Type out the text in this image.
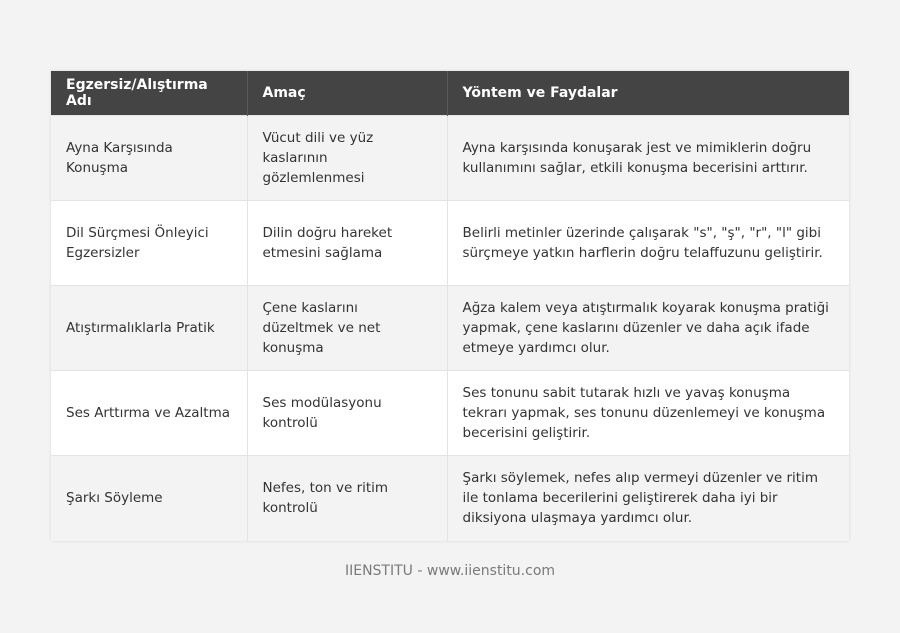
Egzersiz/Alıştırma Adı	Amaç	Yöntem ve Faydalar
Ayna Karşısında Konuşma	Vücut dili ve yüz kaslarının gözlemlenmesi	Ayna karşısında konuşarak jest ve mimiklerin doğru kullanımını sağlar, etkili konuşma becerisini arttırır.
Dil Sürçmesi Önleyici Egzersizler	Dilin doğru hareket etmesini sağlama	Belirli metinler üzerinde çalışarak "s", "ş", "r", "l" gibi sürçmeye yatkın harflerin doğru telaffuzunu geliştirir.
Atıştırmalıklarla Pratik	Çene kaslarını düzeltmek ve net konuşma	Ağza kalem veya atıştırmalık koyarak konuşma pratiği yapmak, çene kaslarını düzenler ve daha açık ifade etmeye yardımcı olur.
Ses Arttırma ve Azaltma	Ses modülasyonu kontrolü	Ses tonunu sabit tutarak hızlı ve yavaş konuşma tekrarı yapmak, ses tonunu düzenlemeyi ve konuşma becerisini geliştirir.
Şarkı Söyleme	Nefes, ton ve ritim kontrolü	Şarkı söylemek, nefes alıp vermeyi düzenler ve ritim ile tonlama becerilerini geliştirerek daha iyi bir diksiyona ulaşmaya yardımcı olur.
IIENSTITU - www.iienstitu.com
